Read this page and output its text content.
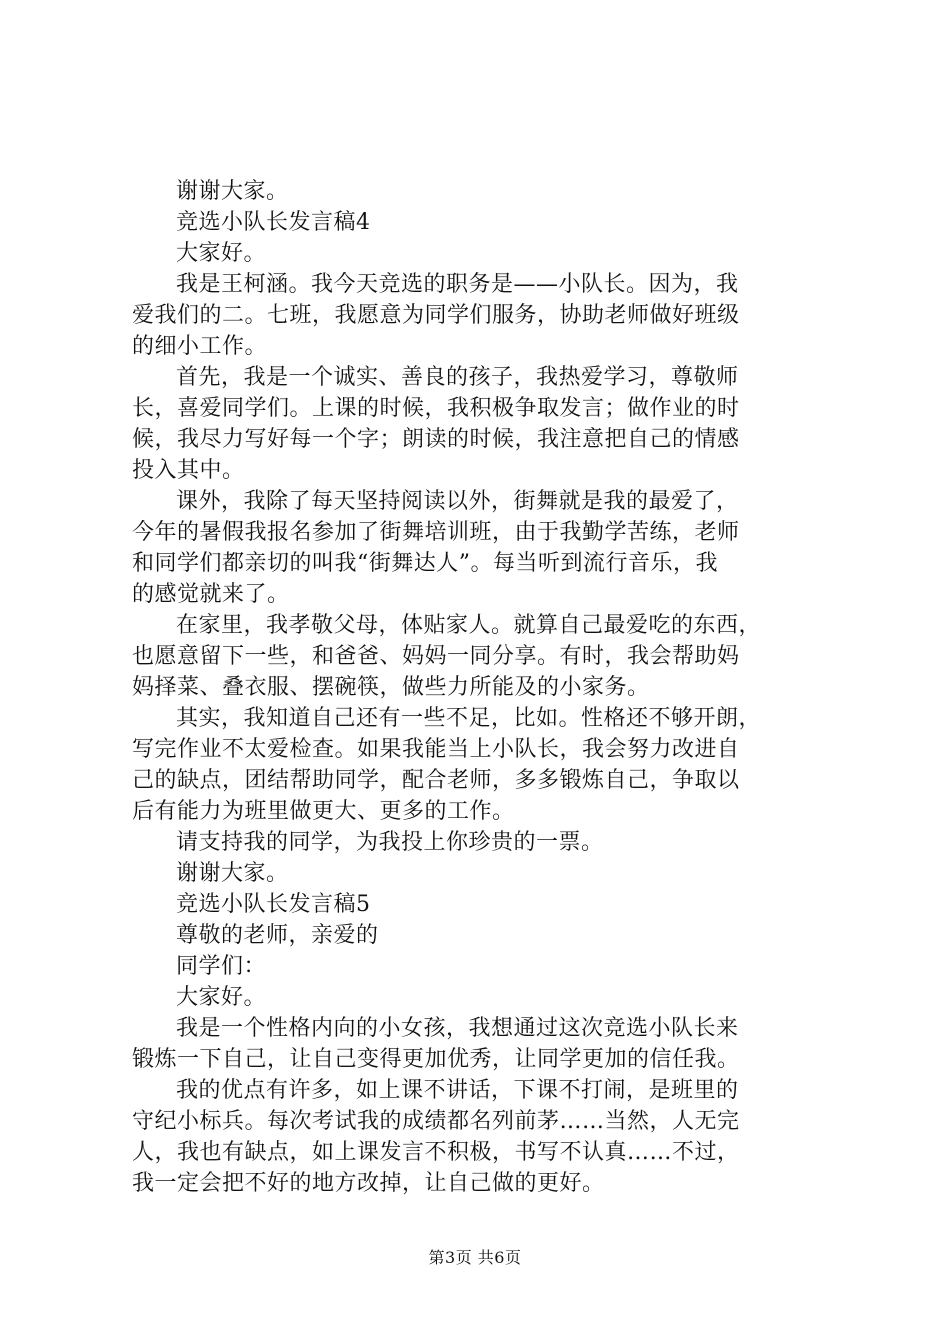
谢谢大家。
竞选小队长发言稿4
大家好。
我是王柯涵。我今天竞选的职务是——小队长。因为，我
爱我们的二。七班，我愿意为同学们服务，协助老师做好班级
的细小工作。
首先，我是一个诚实、善良的孩子，我热爱学习，尊敬师
长，喜爱同学们。上课的时候，我积极争取发言；做作业的时
候，我尽力写好每一个字；朗读的时候，我注意把自己的情感
投入其中。
课外，我除了每天坚持阅读以外，街舞就是我的最爱了，
今年的暑假我报名参加了街舞培训班，由于我勤学苦练，老师
和同学们都亲切的叫我“街舞达人”。每当听到流行音乐，我
的感觉就来了。
在家里，我孝敬父母，体贴家人。就算自己最爱吃的东西，
也愿意留下一些，和爸爸、妈妈一同分享。有时，我会帮助妈
妈择菜、叠衣服、摆碗筷，做些力所能及的小家务。
其实，我知道自己还有一些不足，比如。性格还不够开朗，
写完作业不太爱检查。如果我能当上小队长，我会努力改进自
己的缺点，团结帮助同学，配合老师，多多锻炼自己，争取以
后有能力为班里做更大、更多的工作。
请支持我的同学，为我投上你珍贵的一票。
谢谢大家。
竞选小队长发言稿5
尊敬的老师，亲爱的
同学们：
大家好。
我是一个性格内向的小女孩，我想通过这次竞选小队长来
锻炼一下自己，让自己变得更加优秀，让同学更加的信任我。
我的优点有许多，如上课不讲话，下课不打闹，是班里的
守纪小标兵。每次考试我的成绩都名列前茅……当然，人无完
人，我也有缺点，如上课发言不积极，书写不认真……不过，
我一定会把不好的地方改掉，让自己做的更好。
第3页 共6页
